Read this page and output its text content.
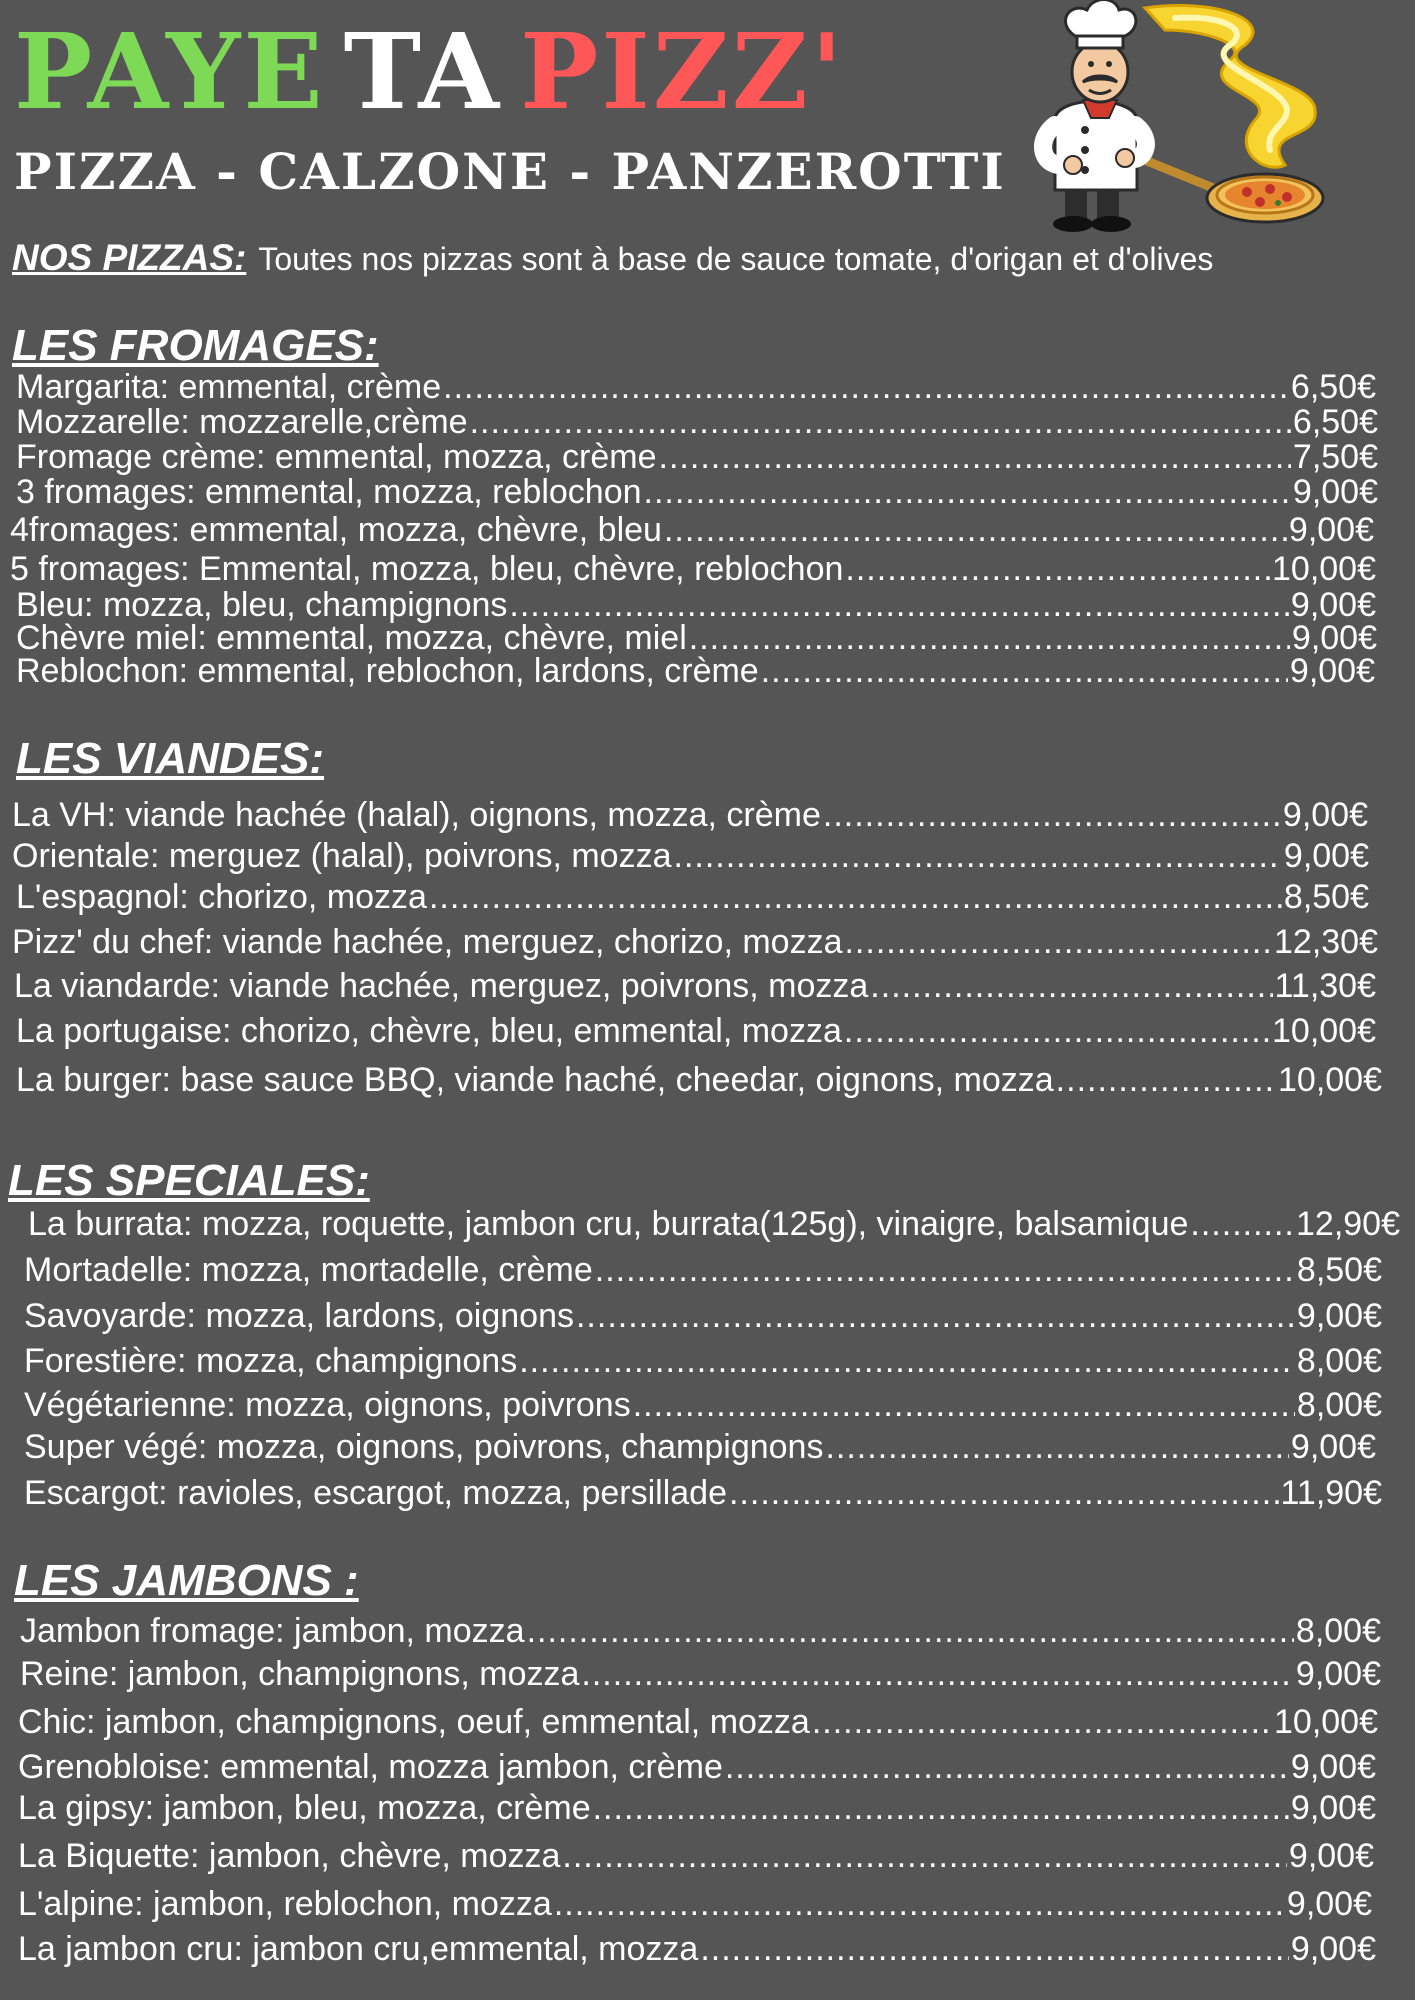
PAYE TA PIZZ'
PIZZA - CALZONE - PANZEROTTI
NOS PIZZAS: Toutes nos pizzas sont à base de sauce tomate, d'origan et d'olives
LES FROMAGES:
Margarita: emmental, crème .....	6,50€
Mozzarelle: mozzarelle,crème .....	6,50€
Fromage crème: emmental, mozza, crème .....	7,50€
3 fromages: emmental, mozza, reblochon .....	9,00€
4fromages: emmental, mozza, chèvre, bleu .....	9,00€
5 fromages: Emmental, mozza, bleu, chèvre, reblochon .....	10,00€
Bleu: mozza, bleu, champignons .....	9,00€
Chèvre miel: emmental, mozza, chèvre, miel .....	9,00€
Reblochon: emmental, reblochon, lardons, crème .....	9,00€
LES VIANDES:
La VH: viande hachée (halal), oignons, mozza, crème .....	9,00€
Orientale: merguez (halal), poivrons, mozza .....	9,00€
L'espagnol: chorizo, mozza .....	8,50€
Pizz' du chef: viande hachée, merguez, chorizo, mozza .....	12,30€
La viandarde: viande hachée, merguez, poivrons, mozza .....	11,30€
La portugaise: chorizo, chèvre, bleu, emmental, mozza .....	10,00€
La burger: base sauce BBQ, viande haché, cheedar, oignons, mozza .....	10,00€
LES SPECIALES:
La burrata: mozza, roquette, jambon cru, burrata(125g), vinaigre, balsamique .....	12,90€
Mortadelle: mozza, mortadelle, crème .....	8,50€
Savoyarde: mozza, lardons, oignons .....	9,00€
Forestière: mozza, champignons .....	8,00€
Végétarienne: mozza, oignons, poivrons .....	8,00€
Super végé: mozza, oignons, poivrons, champignons .....	9,00€
Escargot: ravioles, escargot, mozza, persillade .....	11,90€
LES JAMBONS :
Jambon fromage: jambon, mozza .....	8,00€
Reine: jambon, champignons, mozza .....	9,00€
Chic: jambon, champignons, oeuf, emmental, mozza .....	10,00€
Grenobloise: emmental, mozza jambon, crème .....	9,00€
La gipsy: jambon, bleu, mozza, crème .....	9,00€
La Biquette: jambon, chèvre, mozza .....	9,00€
L'alpine: jambon, reblochon, mozza .....	9,00€
La jambon cru: jambon cru,emmental, mozza .....	9,00€
